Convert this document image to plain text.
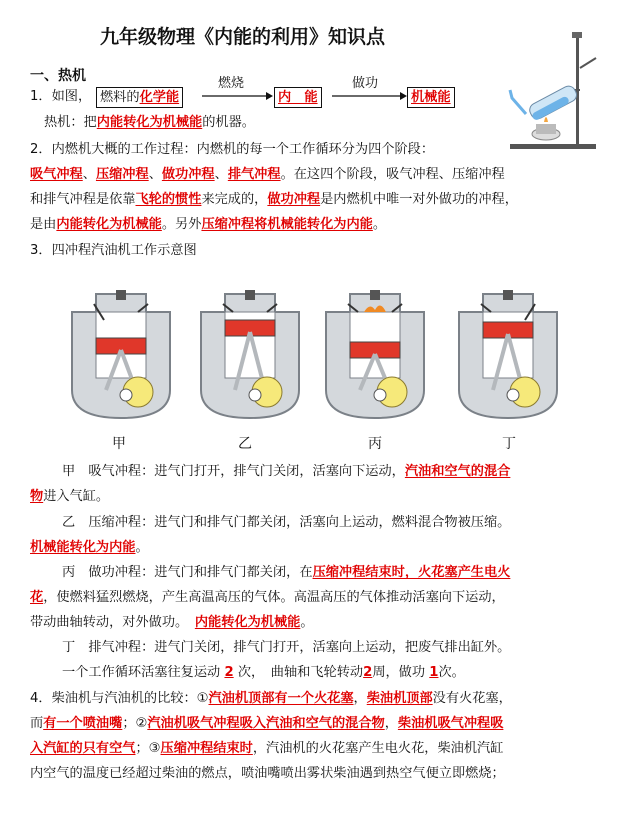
九年级物理《内能的利用》知识点
一、热机
1．如图， 燃料的化学能
燃烧
内　能
做功
机械能
热机：把内能转化为机械能的机器。
2．内燃机大概的工作过程：内燃机的每一个工作循环分为四个阶段：
吸气冲程、压缩冲程、做功冲程、排气冲程。在这四个阶段，吸气冲程、压缩冲程
和排气冲程是依靠飞轮的惯性来完成的，做功冲程是内燃机中唯一对外做功的冲程，
是由内能转化为机械能。另外压缩冲程将机械能转化为内能。
3．四冲程汽油机工作示意图
甲	乙	丙	丁
甲　吸气冲程：进气门打开，排气门关闭，活塞向下运动，汽油和空气的混合
物进入气缸。
乙　压缩冲程：进气门和排气门都关闭，活塞向上运动，燃料混合物被压缩。
机械能转化为内能。
丙　做功冲程：进气门和排气门都关闭，在压缩冲程结束时，火花塞产生电火
花，使燃料猛烈燃烧，产生高温高压的气体。高温高压的气体推动活塞向下运动，
带动曲轴转动，对外做功。　 内能转化为机械能。
丁　排气冲程：进气门关闭，排气门打开，活塞向上运动，把废气排出缸外。
一个工作循环活塞往复运动 2 次，　曲轴和飞轮转动2周，做功 1次。
4．柴油机与汽油机的比较：①汽油机顶部有一个火花塞，柴油机顶部没有火花塞，
而有一个喷油嘴；②汽油机吸气冲程吸入汽油和空气的混合物，柴油机吸气冲程吸
入汽缸的只有空气；③压缩冲程结束时，汽油机的火花塞产生电火花，柴油机汽缸
内空气的温度已经超过柴油的燃点，喷油嘴喷出雾状柴油遇到热空气便立即燃烧；
